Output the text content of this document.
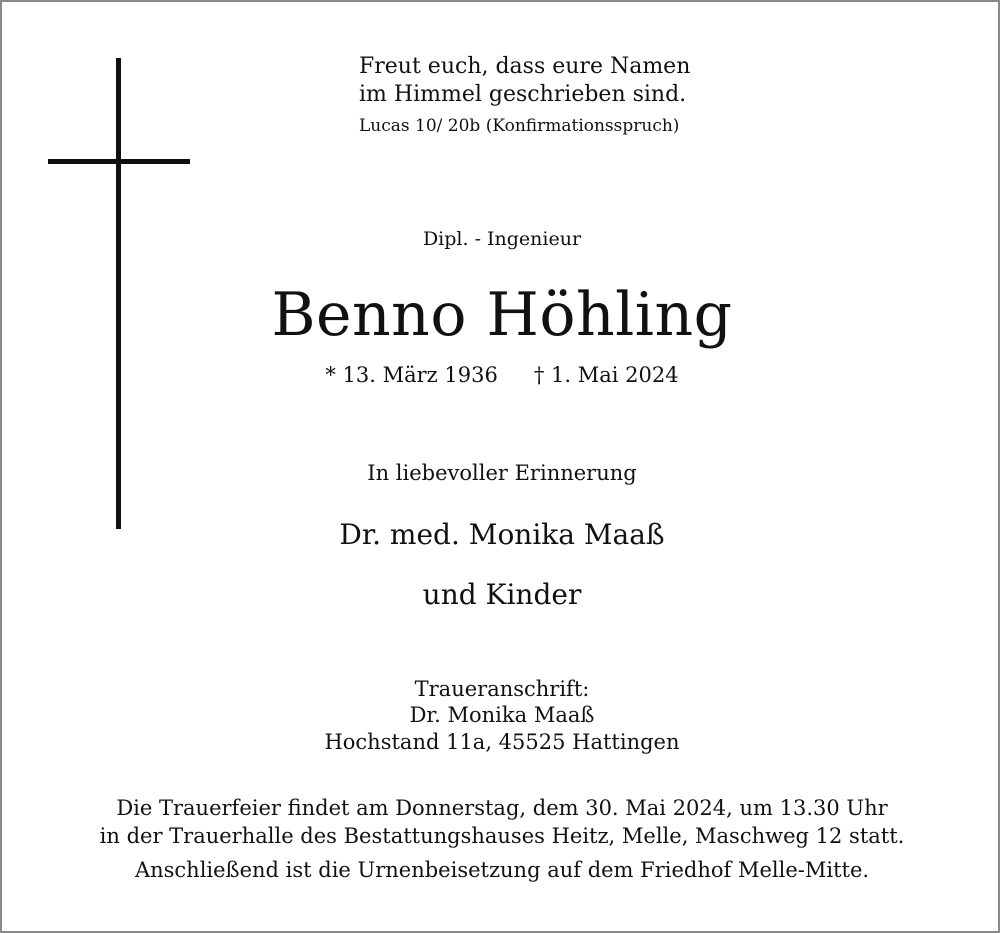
Freut euch, dass eure Namen
im Himmel geschrieben sind.
Lucas 10/ 20b (Konfirmationsspruch)
Dipl. - Ingenieur
Benno Höhling
* 13. März 1936 † 1. Mai 2024
In liebevoller Erinnerung
Dr. med. Monika Maaß
und Kinder
Traueranschrift:
Dr. Monika Maaß
Hochstand 11a, 45525 Hattingen
Die Trauerfeier findet am Donnerstag, dem 30. Mai 2024, um 13.30 Uhr
in der Trauerhalle des Bestattungshauses Heitz, Melle, Maschweg 12 statt.
Anschließend ist die Urnenbeisetzung auf dem Friedhof Melle-Mitte.
